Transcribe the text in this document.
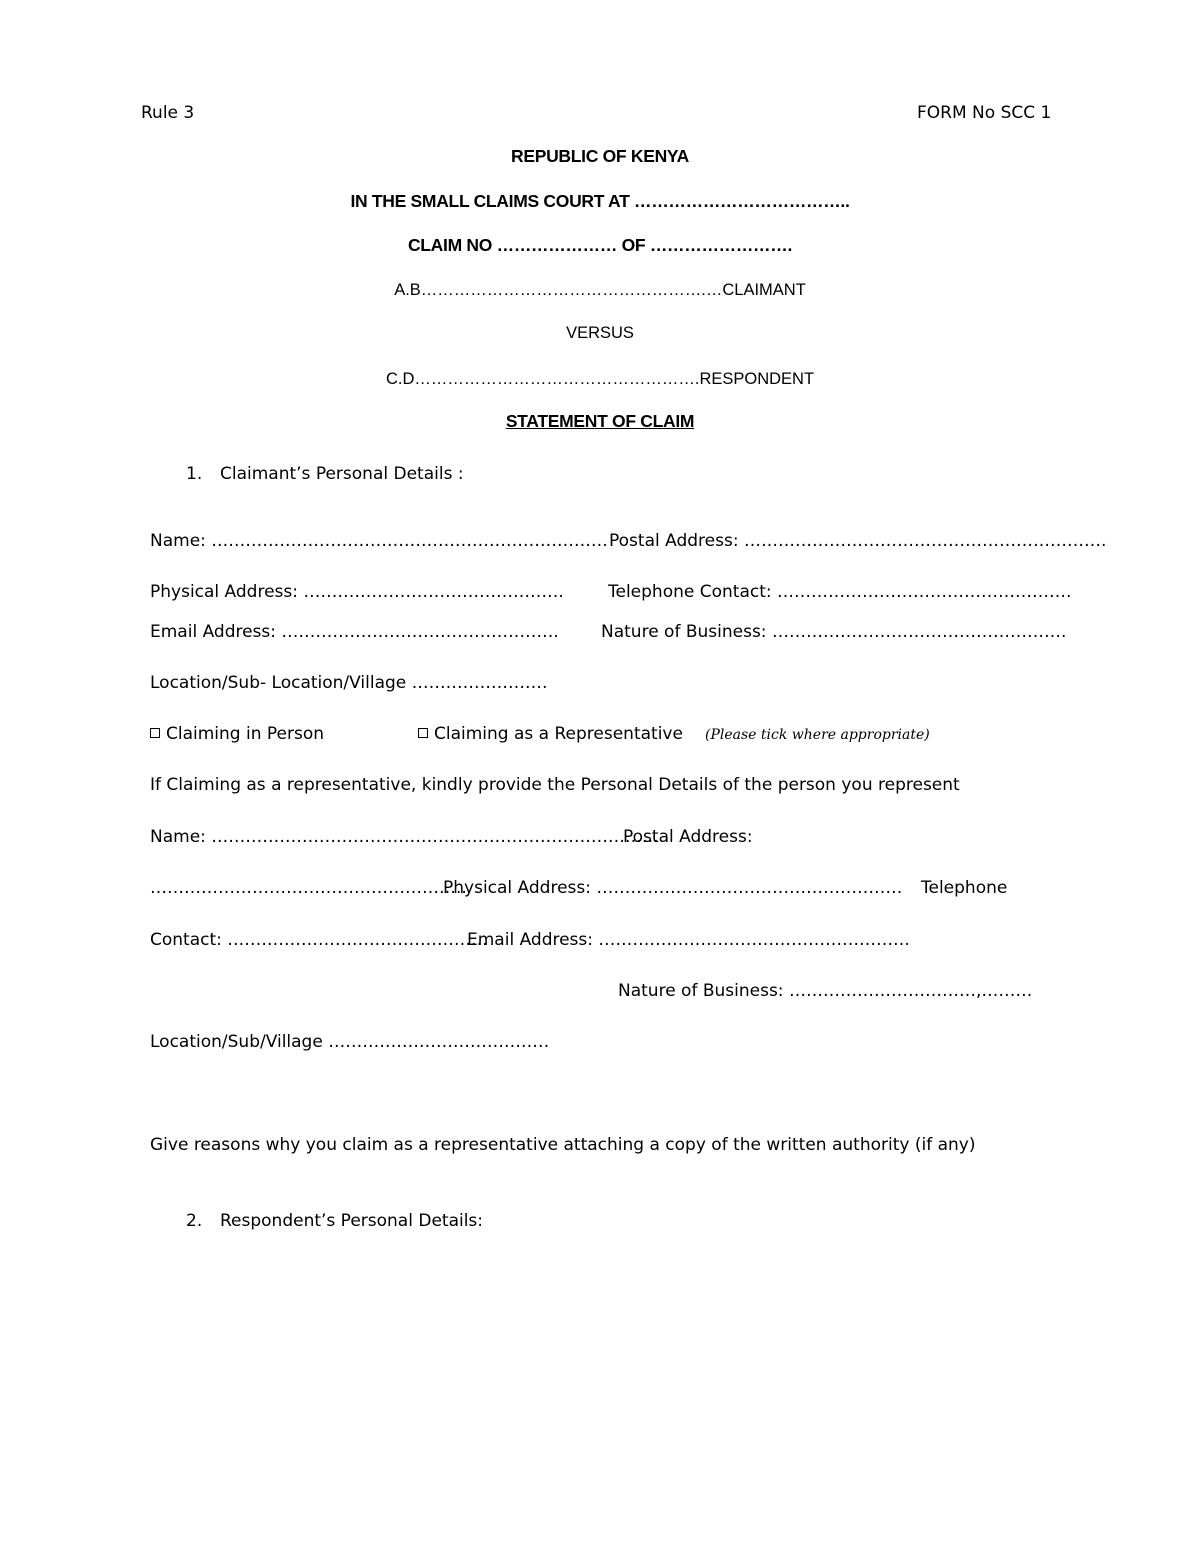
Rule 3	FORM No SCC 1
REPUBLIC OF KENYA
IN THE SMALL CLAIMS COURT AT ………………………………..
CLAIM NO ………………… OF …………………….
A.B…………………………………………….…CLAIMANT
VERSUS
C.D…………………………………………….RESPONDENT
STATEMENT OF CLAIM
1. Claimant’s Personal Details :
Name: ……………………………………………………………. Postal Address: ……………………………………………………….
Physical Address: ……………………………………….	Telephone Contact: …………………………………………….
Email Address: …………………………………………. Nature of Business: …………………………………………….
Location/Sub- Location/Village ……………………
Claiming in Person	Claiming as a Representative (Please tick where appropriate)
If Claiming as a representative, kindly provide the Personal Details of the person you represent
Name: …………………………………………………………………….
Postal Address:
………………………………………………..
Physical Address: ……………………………………………… Telephone
Contact: ……………………………………….
Email Address: ……………………………………………….
Nature of Business: ……………………………,………
Location/Sub/Village …………………………………
Give reasons why you claim as a representative attaching a copy of the written authority (if any)
2. Respondent’s Personal Details:
